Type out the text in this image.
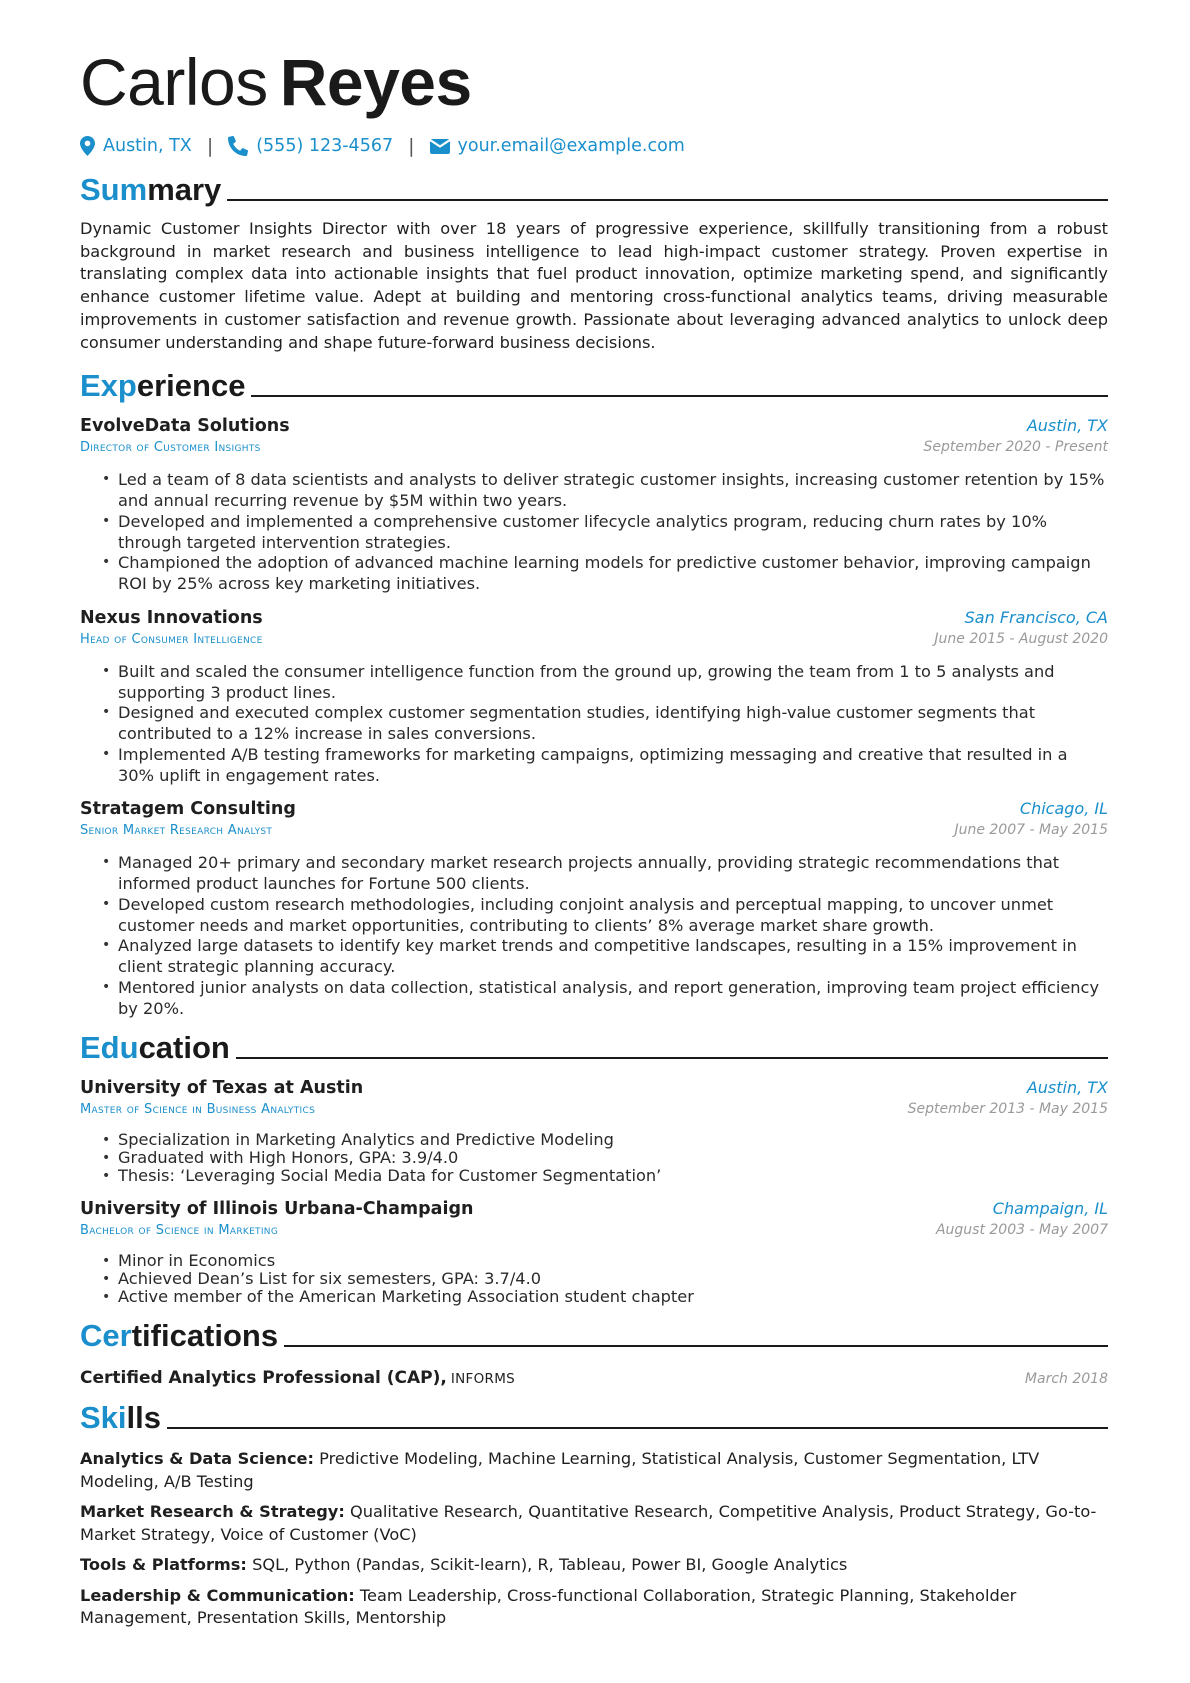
Carlos Reyes
Austin, TX | (555) 123-4567 | your.email@example.com
Summary
Dynamic Customer Insights Director with over 18 years of progressive experience, skillfully transitioning from a robust background in market research and business intelligence to lead high-impact customer strategy. Proven expertise in translating complex data into actionable insights that fuel product innovation, optimize marketing spend, and significantly enhance customer lifetime value. Adept at building and mentoring cross-functional analytics teams, driving measurable improvements in customer satisfaction and revenue growth. Passionate about leveraging advanced analytics to unlock deep consumer understanding and shape future-forward business decisions.
Experience
EvolveData Solutions	Austin, TX
Director of Customer Insights	September 2020 - Present
• Led a team of 8 data scientists and analysts to deliver strategic customer insights, increasing customer retention by 15% and annual recurring revenue by $5M within two years.
• Developed and implemented a comprehensive customer lifecycle analytics program, reducing churn rates by 10% through targeted intervention strategies.
• Championed the adoption of advanced machine learning models for predictive customer behavior, improving campaign ROI by 25% across key marketing initiatives.
Nexus Innovations	San Francisco, CA
Head of Consumer Intelligence	June 2015 - August 2020
• Built and scaled the consumer intelligence function from the ground up, growing the team from 1 to 5 analysts and supporting 3 product lines.
• Designed and executed complex customer segmentation studies, identifying high-value customer segments that contributed to a 12% increase in sales conversions.
• Implemented A/B testing frameworks for marketing campaigns, optimizing messaging and creative that resulted in a 30% uplift in engagement rates.
Stratagem Consulting	Chicago, IL
Senior Market Research Analyst	June 2007 - May 2015
• Managed 20+ primary and secondary market research projects annually, providing strategic recommendations that informed product launches for Fortune 500 clients.
• Developed custom research methodologies, including conjoint analysis and perceptual mapping, to uncover unmet customer needs and market opportunities, contributing to clients’ 8% average market share growth.
• Analyzed large datasets to identify key market trends and competitive landscapes, resulting in a 15% improvement in client strategic planning accuracy.
• Mentored junior analysts on data collection, statistical analysis, and report generation, improving team project efficiency by 20%.
Education
University of Texas at Austin	Austin, TX
Master of Science in Business Analytics	September 2013 - May 2015
• Specialization in Marketing Analytics and Predictive Modeling
• Graduated with High Honors, GPA: 3.9/4.0
• Thesis: ‘Leveraging Social Media Data for Customer Segmentation’
University of Illinois Urbana-Champaign	Champaign, IL
Bachelor of Science in Marketing	August 2003 - May 2007
• Minor in Economics
• Achieved Dean’s List for six semesters, GPA: 3.7/4.0
• Active member of the American Marketing Association student chapter
Certifications
Certified Analytics Professional (CAP), INFORMS	March 2018
Skills
Analytics & Data Science: Predictive Modeling, Machine Learning, Statistical Analysis, Customer Segmentation, LTV Modeling, A/B Testing
Market Research & Strategy: Qualitative Research, Quantitative Research, Competitive Analysis, Product Strategy, Go-to-Market Strategy, Voice of Customer (VoC)
Tools & Platforms: SQL, Python (Pandas, Scikit-learn), R, Tableau, Power BI, Google Analytics
Leadership & Communication: Team Leadership, Cross-functional Collaboration, Strategic Planning, Stakeholder Management, Presentation Skills, Mentorship
